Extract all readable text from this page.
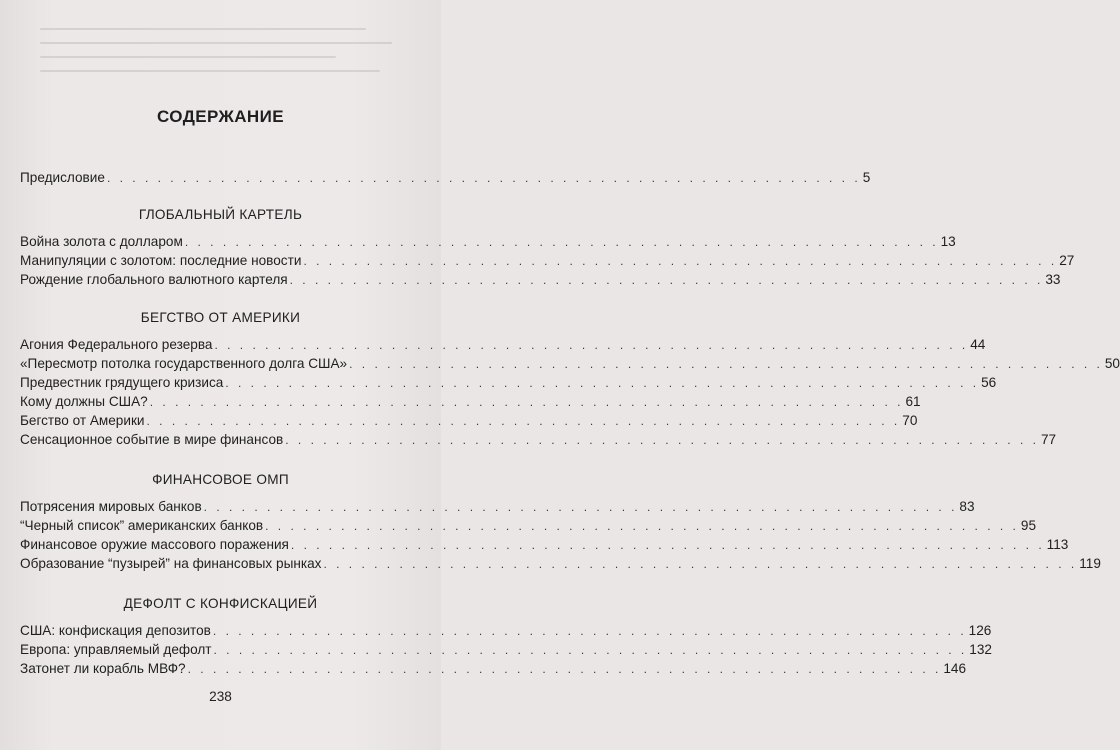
СОДЕРЖАНИЕ
Предисловие . . . . . . . . . . . . . . . . . . . . . . . . . . . . . . . . . . . . . . . . . . . . . . . . . . . . . . . . . . . . 5
ГЛОБАЛЬНЫЙ КАРТЕЛЬ
Война золота с долларом . . . . . . . . . . . . . . . . . . . . . . . . . . . . . . . . . . . . . . . . . . . . . . . . . . . . . . . . . . . . 13
Манипуляции с золотом: последние новости . . . . . . . . . . . . . . . . . . . . . . . . . . . . . . . . . . . . . . . . . . . . . . . . . . . . . . . . . . . . 27
Рождение глобального валютного картеля . . . . . . . . . . . . . . . . . . . . . . . . . . . . . . . . . . . . . . . . . . . . . . . . . . . . . . . . . . . . 33
БЕГСТВО ОТ АМЕРИКИ
Агония Федерального резерва . . . . . . . . . . . . . . . . . . . . . . . . . . . . . . . . . . . . . . . . . . . . . . . . . . . . . . . . . . . . 44
«Пересмотр потолка государственного долга США» . . . . . . . . . . . . . . . . . . . . . . . . . . . . . . . . . . . . . . . . . . . . . . . . . . . . . . . . . . . . 50
Предвестник грядущего кризиса . . . . . . . . . . . . . . . . . . . . . . . . . . . . . . . . . . . . . . . . . . . . . . . . . . . . . . . . . . . . 56
Кому должны США? . . . . . . . . . . . . . . . . . . . . . . . . . . . . . . . . . . . . . . . . . . . . . . . . . . . . . . . . . . . . 61
Бегство от Америки . . . . . . . . . . . . . . . . . . . . . . . . . . . . . . . . . . . . . . . . . . . . . . . . . . . . . . . . . . . . 70
Сенсационное событие в мире финансов . . . . . . . . . . . . . . . . . . . . . . . . . . . . . . . . . . . . . . . . . . . . . . . . . . . . . . . . . . . . 77
ФИНАНСОВОЕ ОМП
Потрясения мировых банков . . . . . . . . . . . . . . . . . . . . . . . . . . . . . . . . . . . . . . . . . . . . . . . . . . . . . . . . . . . . 83
“Черный список” американских банков . . . . . . . . . . . . . . . . . . . . . . . . . . . . . . . . . . . . . . . . . . . . . . . . . . . . . . . . . . . . 95
Финансовое оружие массового поражения . . . . . . . . . . . . . . . . . . . . . . . . . . . . . . . . . . . . . . . . . . . . . . . . . . . . . . . . . . . . 113
Образование “пузырей” на финансовых рынках . . . . . . . . . . . . . . . . . . . . . . . . . . . . . . . . . . . . . . . . . . . . . . . . . . . . . . . . . . . . 119
ДЕФОЛТ С КОНФИСКАЦИЕЙ
США: конфискация депозитов . . . . . . . . . . . . . . . . . . . . . . . . . . . . . . . . . . . . . . . . . . . . . . . . . . . . . . . . . . . . 126
Европа: управляемый дефолт . . . . . . . . . . . . . . . . . . . . . . . . . . . . . . . . . . . . . . . . . . . . . . . . . . . . . . . . . . . . 132
Затонет ли корабль МВФ? . . . . . . . . . . . . . . . . . . . . . . . . . . . . . . . . . . . . . . . . . . . . . . . . . . . . . . . . . . . . 146
238
